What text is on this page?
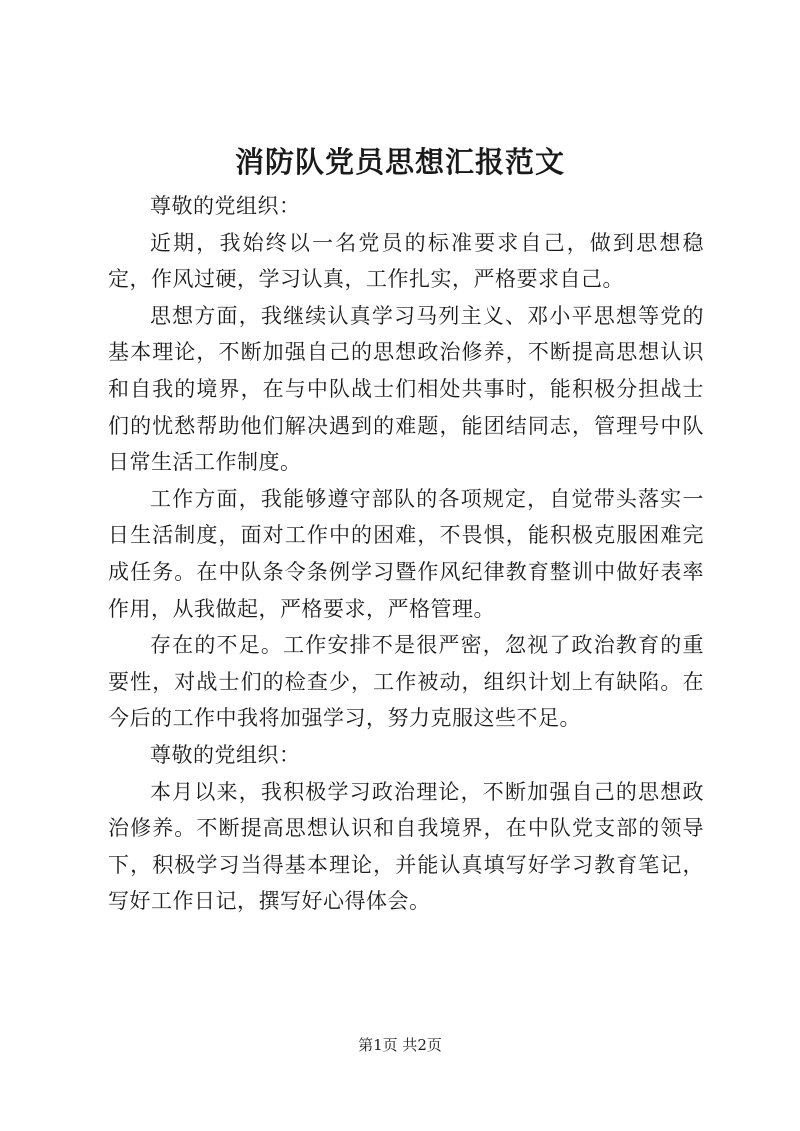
消防队党员思想汇报范文

尊敬的党组织：

近期，我始终以一名党员的标准要求自己，做到思想稳定，作风过硬，学习认真，工作扎实，严格要求自己。

思想方面，我继续认真学习马列主义、邓小平思想等党的基本理论，不断加强自己的思想政治修养，不断提高思想认识和自我的境界，在与中队战士们相处共事时，能积极分担战士们的忧愁帮助他们解决遇到的难题，能团结同志，管理号中队日常生活工作制度。

工作方面，我能够遵守部队的各项规定，自觉带头落实一日生活制度，面对工作中的困难，不畏惧，能积极克服困难完成任务。在中队条令条例学习暨作风纪律教育整训中做好表率作用，从我做起，严格要求，严格管理。

存在的不足。工作安排不是很严密，忽视了政治教育的重要性，对战士们的检查少，工作被动，组织计划上有缺陷。在今后的工作中我将加强学习，努力克服这些不足。

尊敬的党组织：

本月以来，我积极学习政治理论，不断加强自己的思想政治修养。不断提高思想认识和自我境界，在中队党支部的领导下，积极学习当得基本理论，并能认真填写好学习教育笔记，写好工作日记，撰写好心得体会。

第1页 共2页
